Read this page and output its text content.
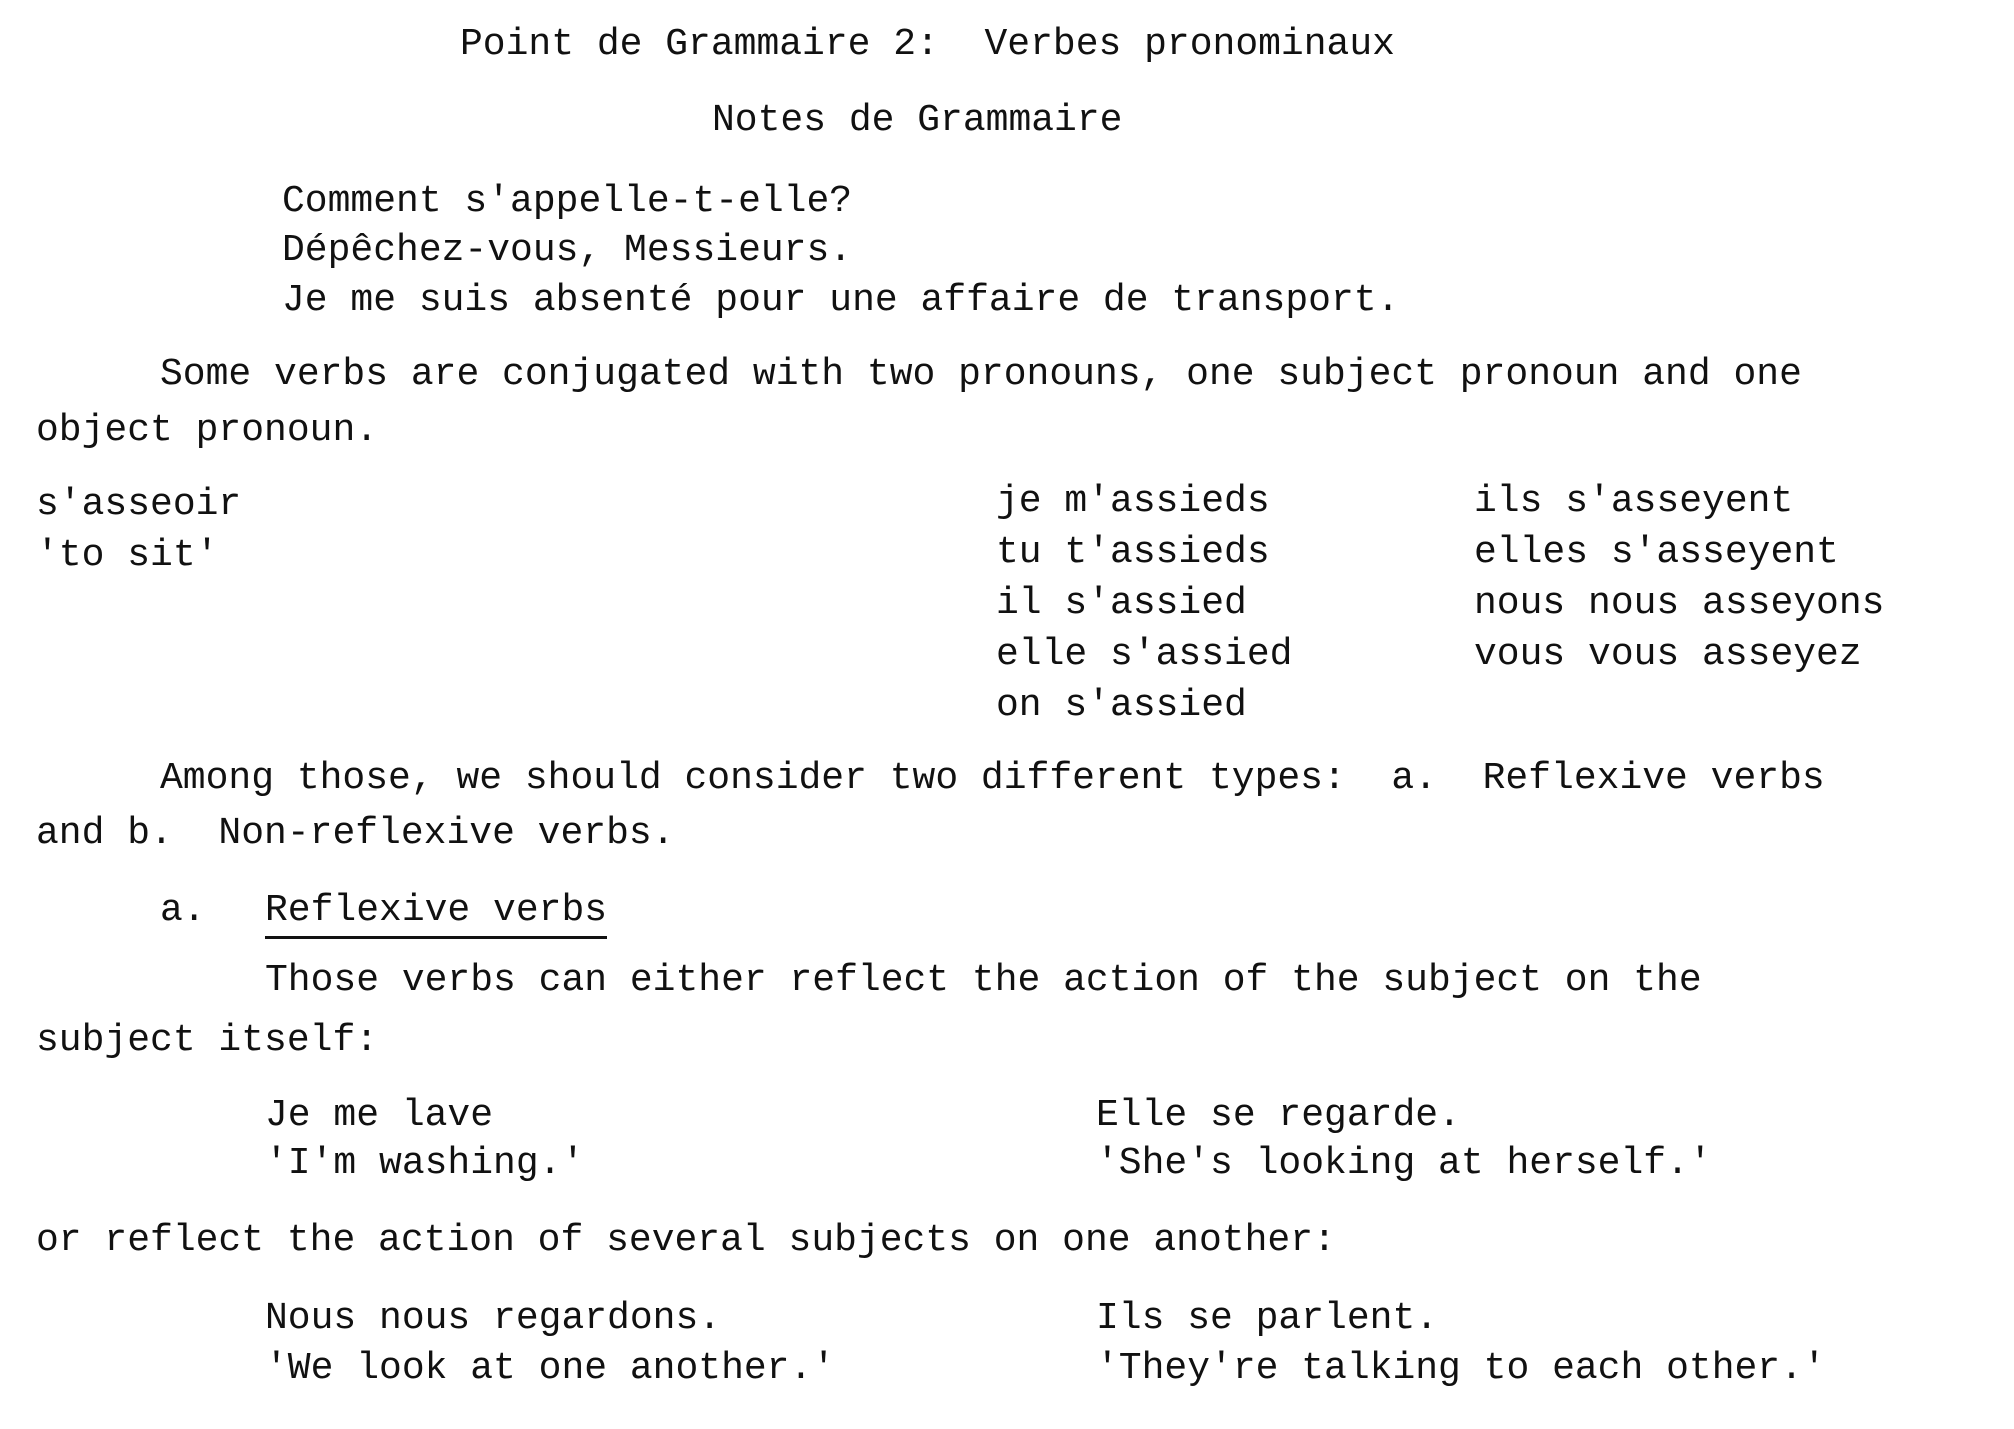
Point de Grammaire 2:  Verbes pronominaux
Notes de Grammaire
Comment s'appelle-t-elle?
Dépêchez-vous, Messieurs.
Je me suis absenté pour une affaire de transport.
Some verbs are conjugated with two pronouns, one subject pronoun and one
object pronoun.
s'asseoir
'to sit'
je m'assieds
tu t'assieds
il s'assied
elle s'assied
on s'assied
ils s'asseyent
elles s'asseyent
nous nous asseyons
vous vous asseyez
Among those, we should consider two different types:  a.  Reflexive verbs
and b.  Non-reflexive verbs.
a. Reflexive verbs
Those verbs can either reflect the action of the subject on the
subject itself:
Je me lave
'I'm washing.'
Elle se regarde.
'She's looking at herself.'
or reflect the action of several subjects on one another:
Nous nous regardons.
'We look at one another.'
Ils se parlent.
'They're talking to each other.'
